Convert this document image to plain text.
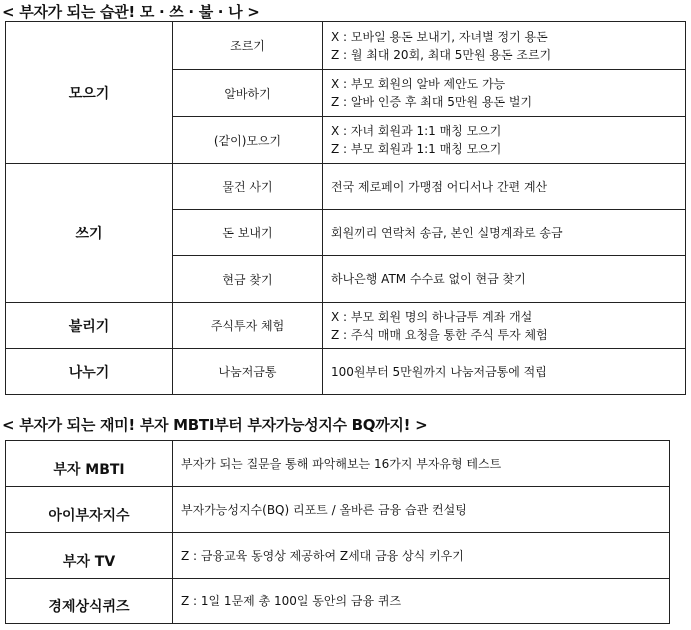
< 부자가 되는 습관! 모 · 쓰 · 불 · 나 >
모으기	조르기	X : 모바일 용돈 보내기, 자녀별 정기 용돈
Z : 월 최대 20회, 최대 5만원 용돈 조르기

	알바하기	X : 부모 회원의 알바 제안도 가능
Z : 알바 인증 후 최대 5만원 용돈 벌기

	(같이)모으기	X : 자녀 회원과 1:1 매칭 모으기
Z : 부모 회원과 1:1 매칭 모으기

쓰기	물건 사기	전국 제로페이 가맹점 어디서나 간편 계산
	돈 보내기	회원끼리 연락처 송금, 본인 실명계좌로 송금
	현금 찾기	하나은행 ATM 수수료 없이 현금 찾기
불리기	주식투자 체험	X : 부모 회원 명의 하나금투 계좌 개설
Z : 주식 매매 요청을 통한 주식 투자 체험

나누기	나눔저금통	100원부터 5만원까지 나눔저금통에 적립
< 부자가 되는 재미! 부자 MBTI부터 부자가능성지수 BQ까지! >
부자 MBTI	부자가 되는 질문을 통해 파악해보는 16가지 부자유형 테스트
아이부자지수	부자가능성지수(BQ) 리포트 / 올바른 금융 습관 컨설팅
부자 TV	Z : 금융교육 동영상 제공하여 Z세대 금융 상식 키우기
경제상식퀴즈	Z : 1일 1문제 총 100일 동안의 금융 퀴즈
